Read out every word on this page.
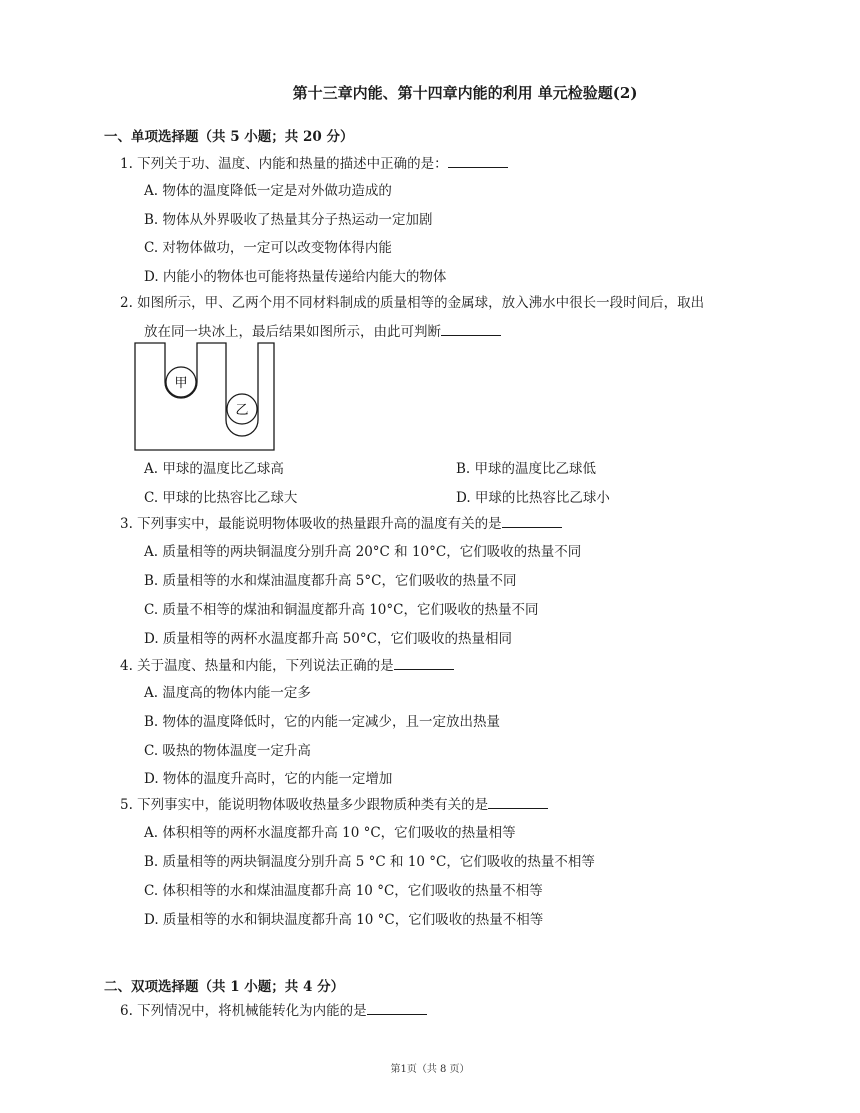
第十三章内能、第十四章内能的利用 单元检验题(2)
一、单项选择题（共 5 小题；共 20 分）
1. 下列关于功、温度、内能和热量的描述中正确的是：
A. 物体的温度降低一定是对外做功造成的
B. 物体从外界吸收了热量其分子热运动一定加剧
C. 对物体做功，一定可以改变物体得内能
D. 内能小的物体也可能将热量传递给内能大的物体
2. 如图所示，甲、乙两个用不同材料制成的质量相等的金属球，放入沸水中很长一段时间后，取出
放在同一块冰上，最后结果如图所示，由此可判断
甲
乙
A. 甲球的温度比乙球高	B. 甲球的温度比乙球低
C. 甲球的比热容比乙球大	D. 甲球的比热容比乙球小
3. 下列事实中，最能说明物体吸收的热量跟升高的温度有关的是
A. 质量相等的两块铜温度分别升高 20°C 和 10°C，它们吸收的热量不同
B. 质量相等的水和煤油温度都升高 5°C，它们吸收的热量不同
C. 质量不相等的煤油和铜温度都升高 10°C，它们吸收的热量不同
D. 质量相等的两杯水温度都升高 50°C，它们吸收的热量相同
4. 关于温度、热量和内能，下列说法正确的是
A. 温度高的物体内能一定多
B. 物体的温度降低时，它的内能一定减少，且一定放出热量
C. 吸热的物体温度一定升高
D. 物体的温度升高时，它的内能一定增加
5. 下列事实中，能说明物体吸收热量多少跟物质种类有关的是
A. 体积相等的两杯水温度都升高 10 °C，它们吸收的热量相等
B. 质量相等的两块铜温度分别升高 5 °C 和 10 °C，它们吸收的热量不相等
C. 体积相等的水和煤油温度都升高 10 °C，它们吸收的热量不相等
D. 质量相等的水和铜块温度都升高 10 °C，它们吸收的热量不相等
二、双项选择题（共 1 小题；共 4 分）
6. 下列情况中，将机械能转化为内能的是
第1页（共 8 页）
